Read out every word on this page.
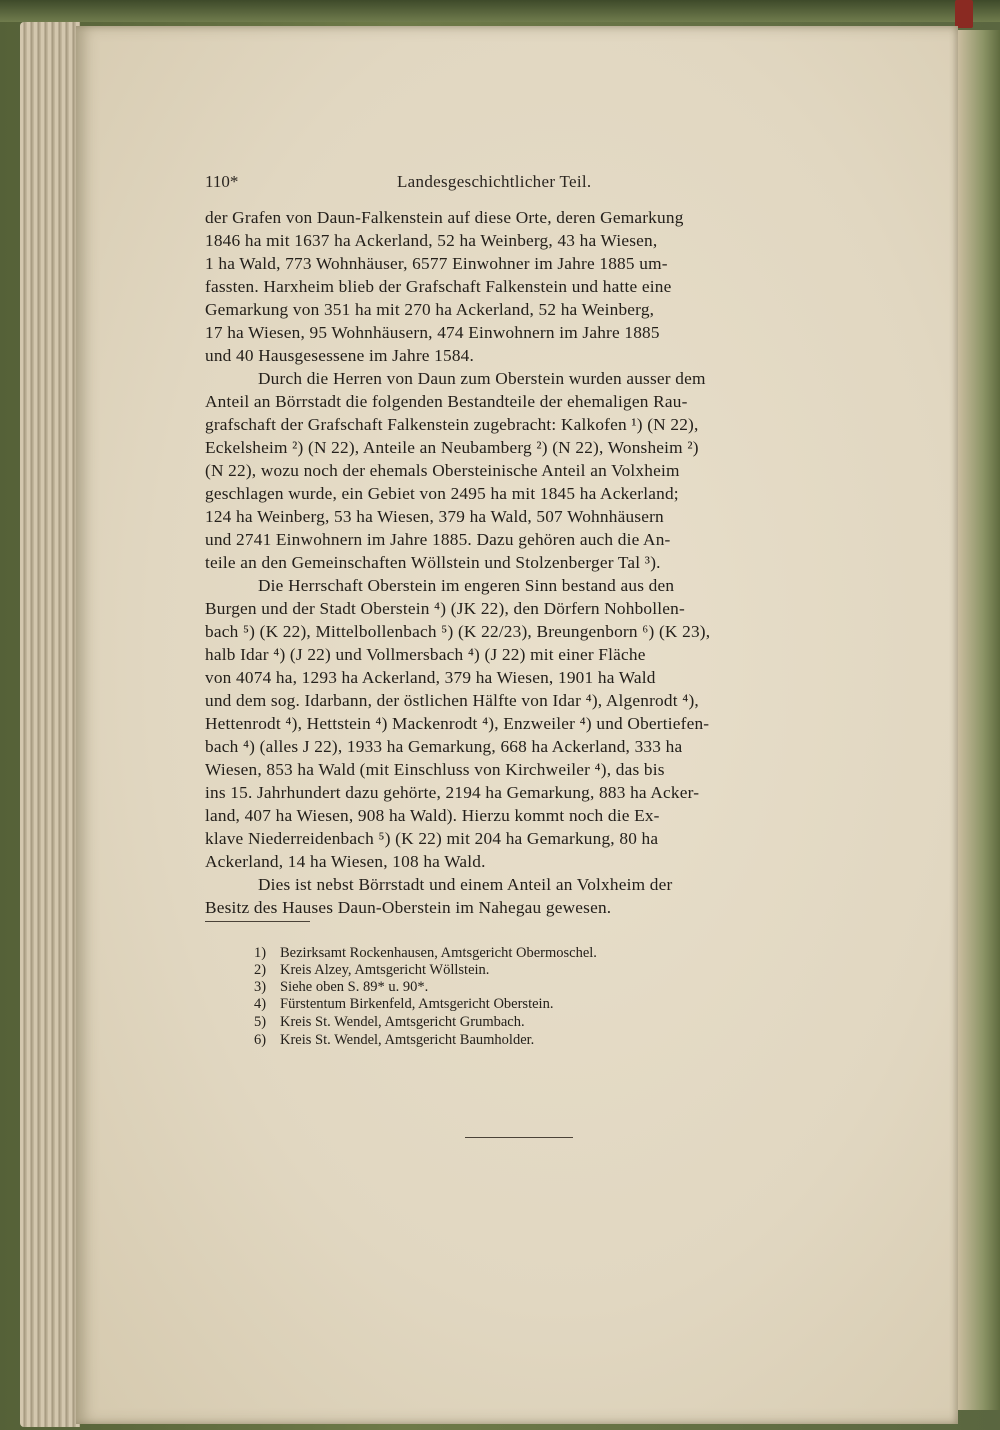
110*	Landesgeschichtlicher Teil.
der Grafen von Daun-Falkenstein auf diese Orte, deren Gemarkung
1846 ha mit 1637 ha Ackerland, 52 ha Weinberg, 43 ha Wiesen,
1 ha Wald, 773 Wohnhäuser, 6577 Einwohner im Jahre 1885 um-
fassten. Harxheim blieb der Grafschaft Falkenstein und hatte eine
Gemarkung von 351 ha mit 270 ha Ackerland, 52 ha Weinberg,
17 ha Wiesen, 95 Wohnhäusern, 474 Einwohnern im Jahre 1885
und 40 Hausgesessene im Jahre 1584.
Durch die Herren von Daun zum Oberstein wurden ausser dem
Anteil an Börrstadt die folgenden Bestandteile der ehemaligen Rau-
grafschaft der Grafschaft Falkenstein zugebracht: Kalkofen ¹) (N 22),
Eckelsheim ²) (N 22), Anteile an Neubamberg ²) (N 22), Wonsheim ²)
(N 22), wozu noch der ehemals Obersteinische Anteil an Volxheim
geschlagen wurde, ein Gebiet von 2495 ha mit 1845 ha Ackerland;
124 ha Weinberg, 53 ha Wiesen, 379 ha Wald, 507 Wohnhäusern
und 2741 Einwohnern im Jahre 1885. Dazu gehören auch die An-
teile an den Gemeinschaften Wöllstein und Stolzenberger Tal ³).
Die Herrschaft Oberstein im engeren Sinn bestand aus den
Burgen und der Stadt Oberstein ⁴) (JK 22), den Dörfern Nohbollen-
bach ⁵) (K 22), Mittelbollenbach ⁵) (K 22/23), Breungenborn ⁶) (K 23),
halb Idar ⁴) (J 22) und Vollmersbach ⁴) (J 22) mit einer Fläche
von 4074 ha, 1293 ha Ackerland, 379 ha Wiesen, 1901 ha Wald
und dem sog. Idarbann, der östlichen Hälfte von Idar ⁴), Algenrodt ⁴),
Hettenrodt ⁴), Hettstein ⁴) Mackenrodt ⁴), Enzweiler ⁴) und Obertiefen-
bach ⁴) (alles J 22), 1933 ha Gemarkung, 668 ha Ackerland, 333 ha
Wiesen, 853 ha Wald (mit Einschluss von Kirchweiler ⁴), das bis
ins 15. Jahrhundert dazu gehörte, 2194 ha Gemarkung, 883 ha Acker-
land, 407 ha Wiesen, 908 ha Wald). Hierzu kommt noch die Ex-
klave Niederreidenbach ⁵) (K 22) mit 204 ha Gemarkung, 80 ha
Ackerland, 14 ha Wiesen, 108 ha Wald.
Dies ist nebst Börrstadt und einem Anteil an Volxheim der
Besitz des Hauses Daun-Oberstein im Nahegau gewesen.
1) Bezirksamt Rockenhausen, Amtsgericht Obermoschel.
2) Kreis Alzey, Amtsgericht Wöllstein.
3) Siehe oben S. 89* u. 90*.
4) Fürstentum Birkenfeld, Amtsgericht Oberstein.
5) Kreis St. Wendel, Amtsgericht Grumbach.
6) Kreis St. Wendel, Amtsgericht Baumholder.
